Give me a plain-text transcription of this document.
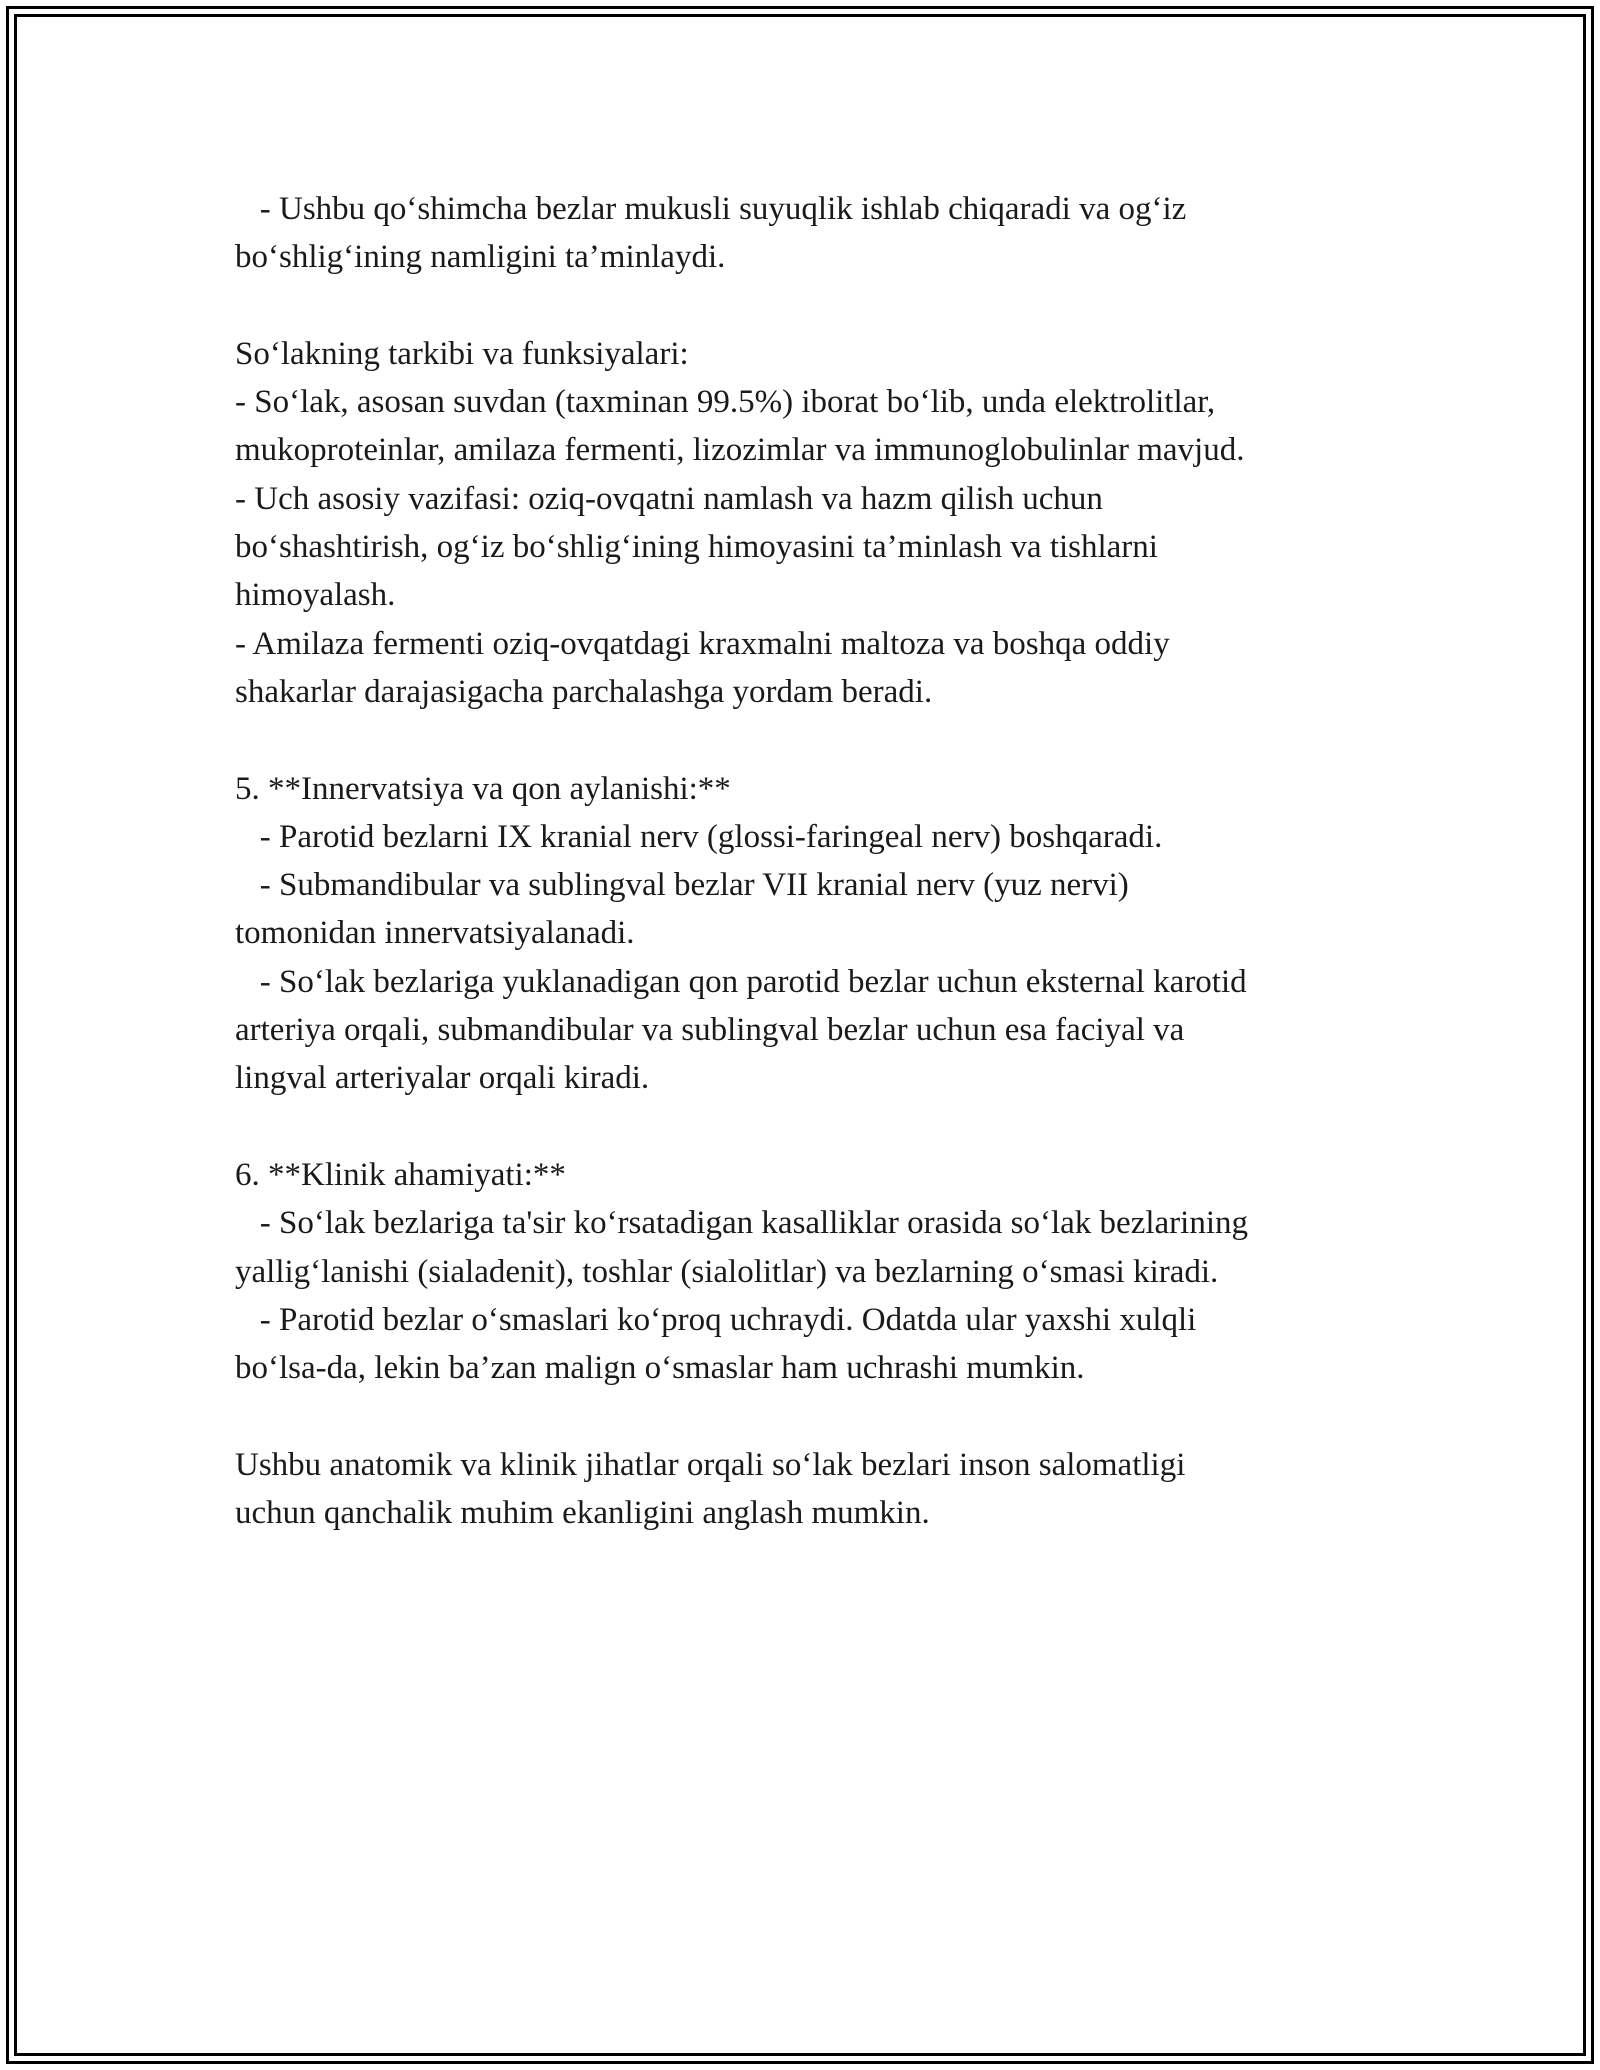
- Ushbu qo‘shimcha bezlar mukusli suyuqlik ishlab chiqaradi va og‘iz
bo‘shlig‘ining namligini ta’minlaydi.
So‘lakning tarkibi va funksiyalari:
- So‘lak, asosan suvdan (taxminan 99.5%) iborat bo‘lib, unda elektrolitlar,
mukoproteinlar, amilaza fermenti, lizozimlar va immunoglobulinlar mavjud.
- Uch asosiy vazifasi: oziq-ovqatni namlash va hazm qilish uchun
bo‘shashtirish, og‘iz bo‘shlig‘ining himoyasini ta’minlash va tishlarni
himoyalash.
- Amilaza fermenti oziq-ovqatdagi kraxmalni maltoza va boshqa oddiy
shakarlar darajasigacha parchalashga yordam beradi.
5. **Innervatsiya va qon aylanishi:**
- Parotid bezlarni IX kranial nerv (glossi-faringeal nerv) boshqaradi.
- Submandibular va sublingval bezlar VII kranial nerv (yuz nervi)
tomonidan innervatsiyalanadi.
- So‘lak bezlariga yuklanadigan qon parotid bezlar uchun eksternal karotid
arteriya orqali, submandibular va sublingval bezlar uchun esa faciyal va
lingval arteriyalar orqali kiradi.
6. **Klinik ahamiyati:**
- So‘lak bezlariga ta'sir ko‘rsatadigan kasalliklar orasida so‘lak bezlarining
yallig‘lanishi (sialadenit), toshlar (sialolitlar) va bezlarning o‘smasi kiradi.
- Parotid bezlar o‘smaslari ko‘proq uchraydi. Odatda ular yaxshi xulqli
bo‘lsa-da, lekin ba’zan malign o‘smaslar ham uchrashi mumkin.
Ushbu anatomik va klinik jihatlar orqali so‘lak bezlari inson salomatligi
uchun qanchalik muhim ekanligini anglash mumkin.
